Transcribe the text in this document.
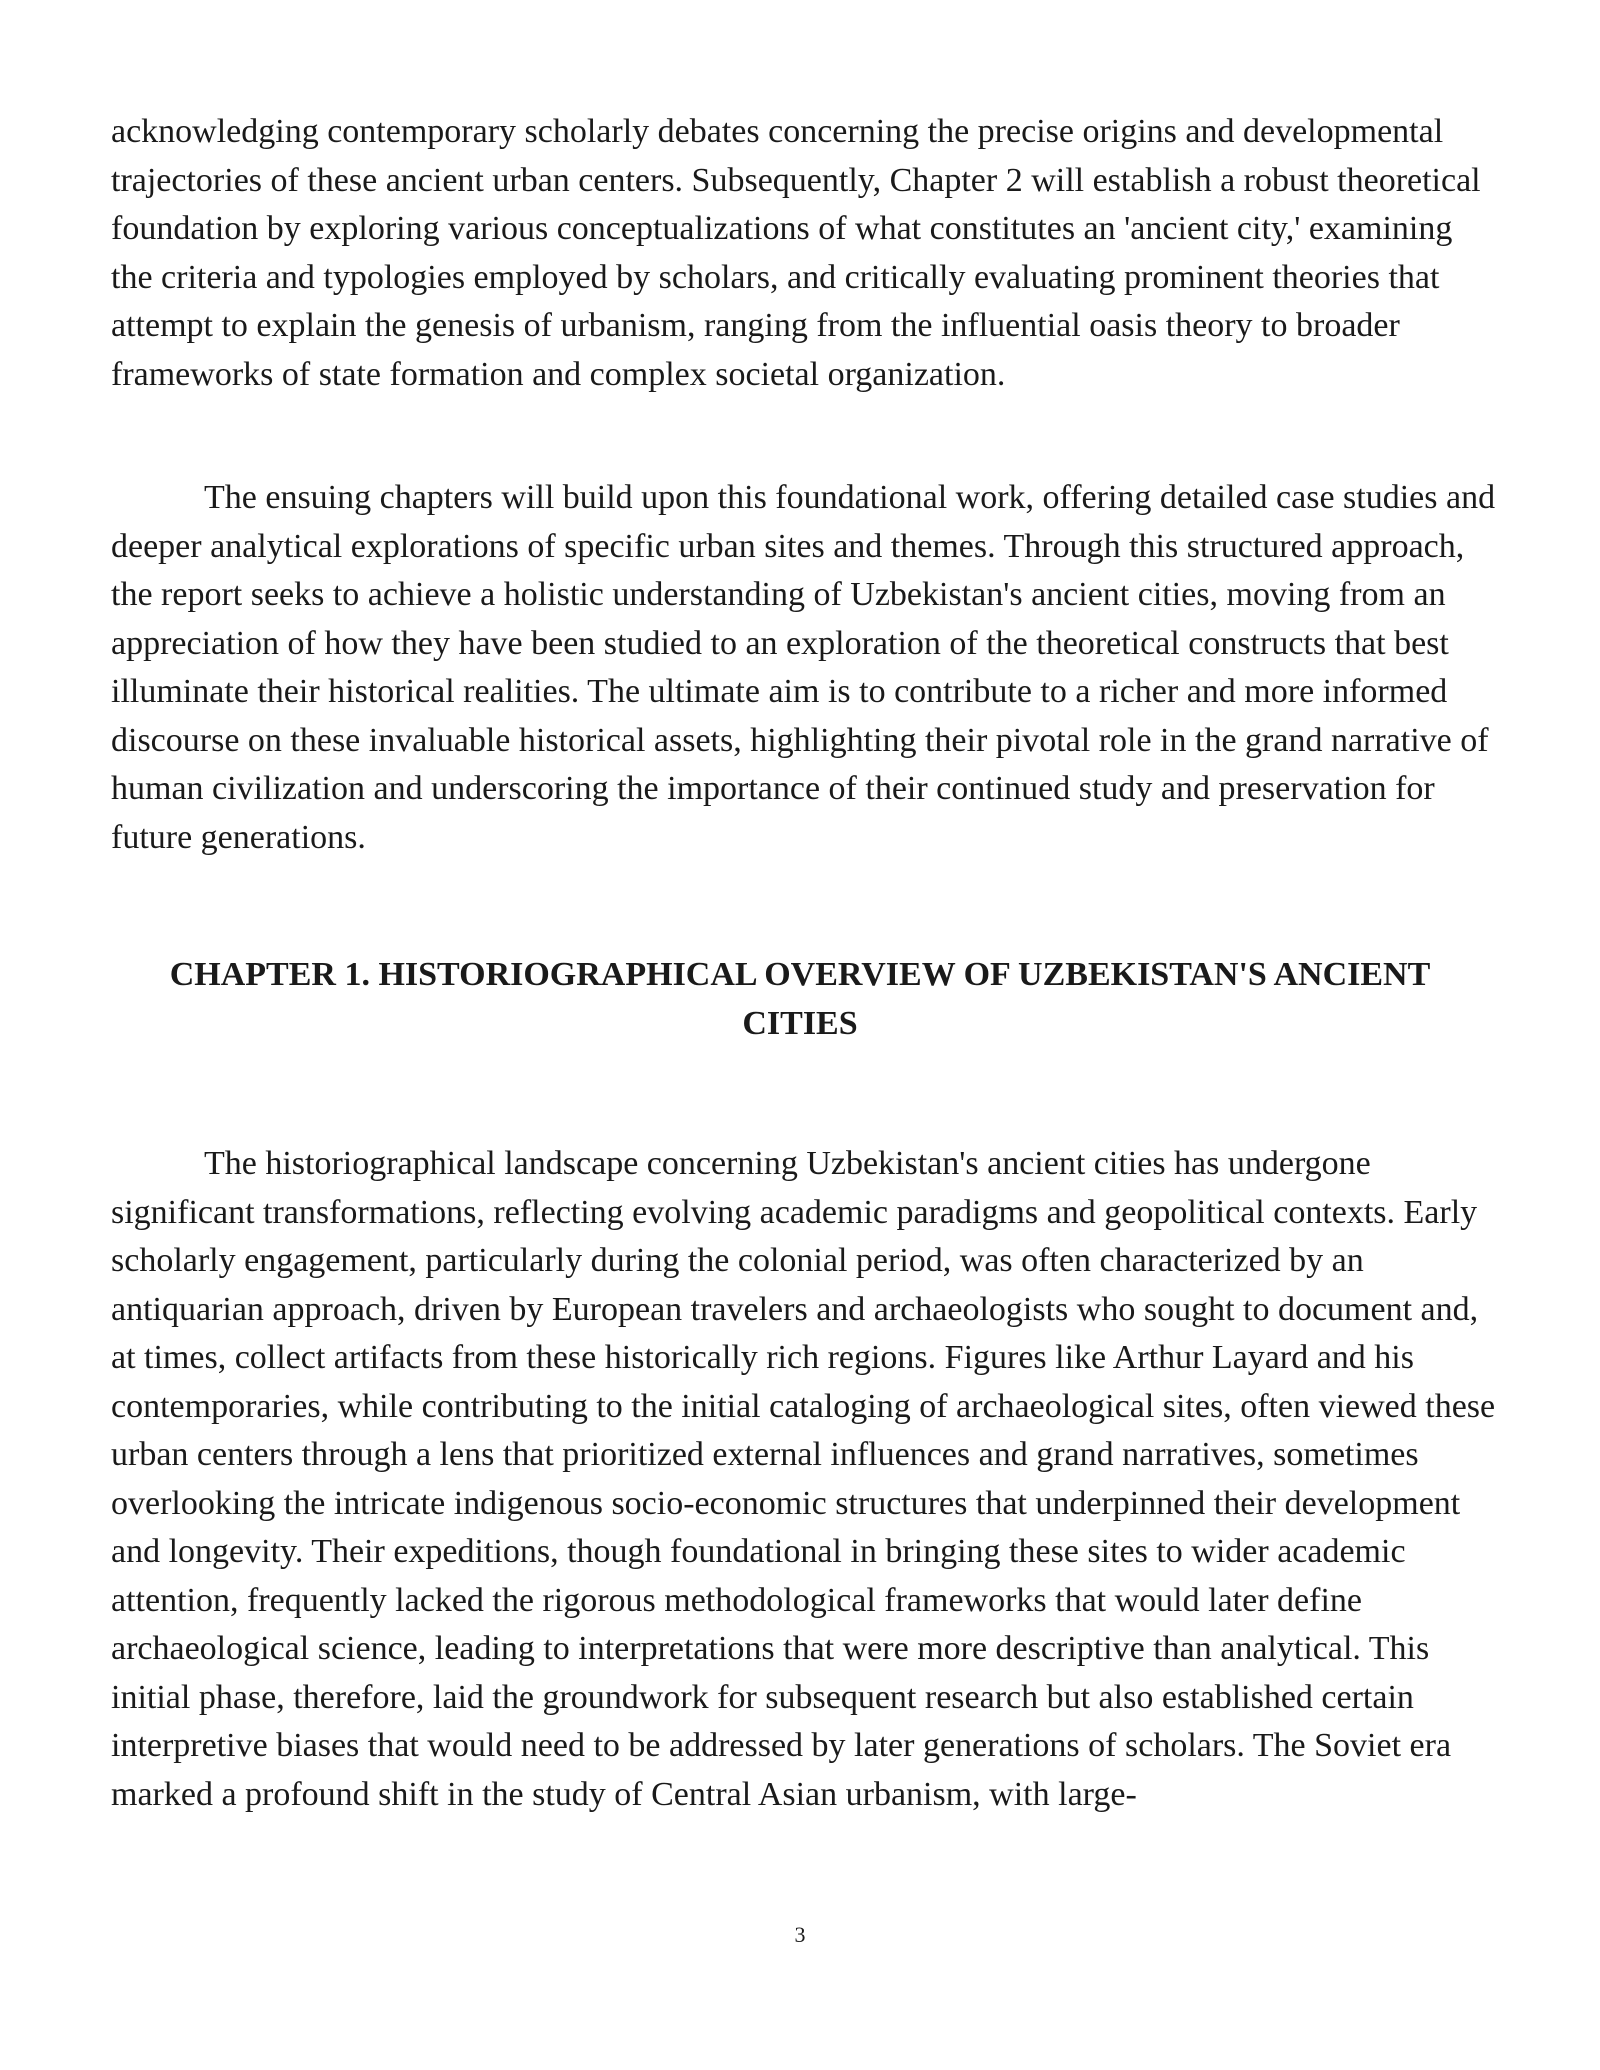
acknowledging contemporary scholarly debates concerning the precise origins and developmental trajectories of these ancient urban centers. Subsequently, Chapter 2 will establish a robust theoretical foundation by exploring various conceptualizations of what constitutes an 'ancient city,' examining the criteria and typologies employed by scholars, and critically evaluating prominent theories that attempt to explain the genesis of urbanism, ranging from the influential oasis theory to broader frameworks of state formation and complex societal organization.

The ensuing chapters will build upon this foundational work, offering detailed case studies and deeper analytical explorations of specific urban sites and themes. Through this structured approach, the report seeks to achieve a holistic understanding of Uzbekistan's ancient cities, moving from an appreciation of how they have been studied to an exploration of the theoretical constructs that best illuminate their historical realities. The ultimate aim is to contribute to a richer and more informed discourse on these invaluable historical assets, highlighting their pivotal role in the grand narrative of human civilization and underscoring the importance of their continued study and preservation for future generations.

CHAPTER 1. HISTORIOGRAPHICAL OVERVIEW OF UZBEKISTAN'S ANCIENT CITIES

The historiographical landscape concerning Uzbekistan's ancient cities has undergone significant transformations, reflecting evolving academic paradigms and geopolitical contexts. Early scholarly engagement, particularly during the colonial period, was often characterized by an antiquarian approach, driven by European travelers and archaeologists who sought to document and, at times, collect artifacts from these historically rich regions. Figures like Arthur Layard and his contemporaries, while contributing to the initial cataloging of archaeological sites, often viewed these urban centers through a lens that prioritized external influences and grand narratives, sometimes overlooking the intricate indigenous socio-economic structures that underpinned their development and longevity. Their expeditions, though foundational in bringing these sites to wider academic attention, frequently lacked the rigorous methodological frameworks that would later define archaeological science, leading to interpretations that were more descriptive than analytical. This initial phase, therefore, laid the groundwork for subsequent research but also established certain interpretive biases that would need to be addressed by later generations of scholars. The Soviet era marked a profound shift in the study of Central Asian urbanism, with large-

3
